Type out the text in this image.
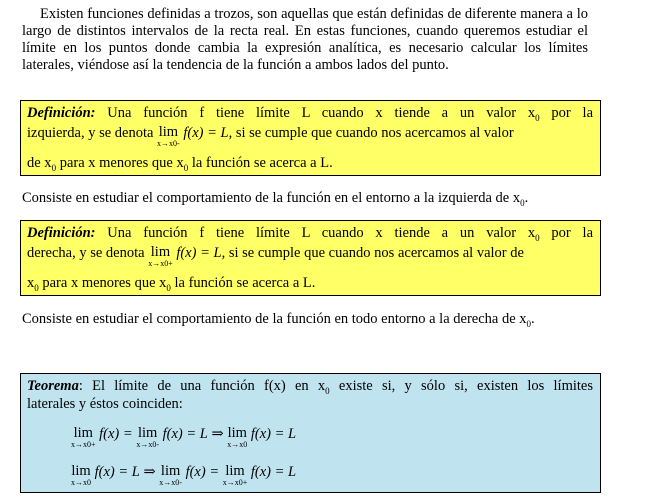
Existen funciones definidas a trozos, son aquellas que están definidas de diferente manera a lo largo de distintos intervalos de la recta real. En estas funciones, cuando queremos estudiar el límite en los puntos donde cambia la expresión analítica, es necesario calcular los límites laterales, viéndose así la tendencia de la función a ambos lados del punto.
Definición: Una función f tiene límite L cuando x tiende a un valor $x_0$ por la
izquierda, y se denota lim
x→x0-
f(x) = L, si se cumple que cuando nos acercamos al valor
de $x_0$ para x menores que $x_0$ la función se acerca a L.
Consiste en estudiar el comportamiento de la función en el entorno a la izquierda de $x_0$.
Definición: Una función f tiene límite L cuando x tiende a un valor $x_0$ por la
derecha, y se denota lim
x→x0+
f(x) = L, si se cumple que cuando nos acercamos al valor de
$x_0$ para x menores que $x_0$ la función se acerca a L.
Consiste en estudiar el comportamiento de la función en todo entorno a la derecha de $x_0$.
Teorema: El límite de una función f(x) en $x_0$ existe si, y sólo si, existen los límites
laterales y éstos coinciden:
lim
x→x0+
f(x) = lim
x→x0-
f(x) = L ⇒ lim
x→x0
f(x) = L
lim
x→x0
f(x) = L ⇒ lim
x→x0-
f(x) = lim
x→x0+
f(x) = L
